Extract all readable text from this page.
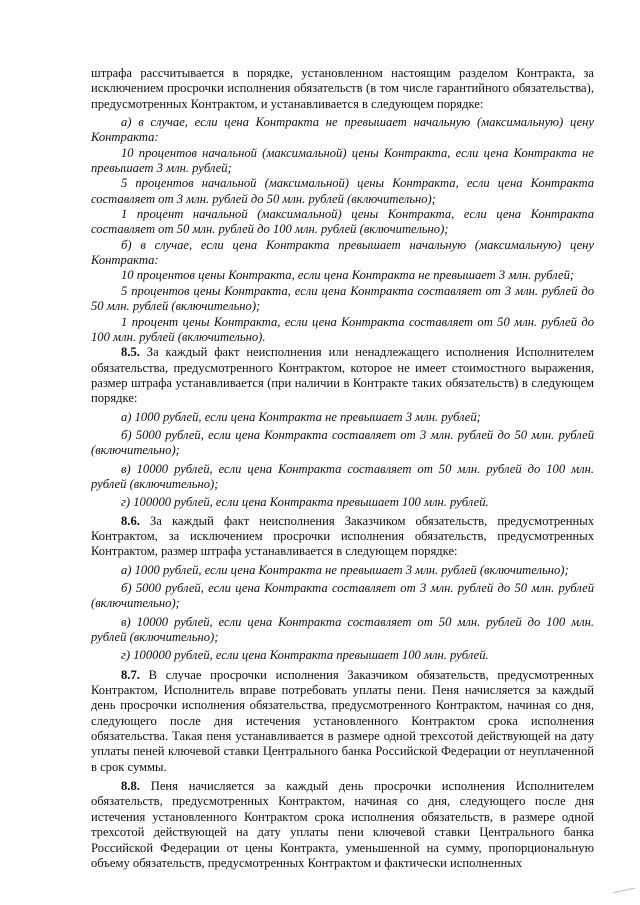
штрафа рассчитывается в порядке, установленном настоящим разделом Контракта, за исключением просрочки исполнения обязательств (в том числе гарантийного обязательства), предусмотренных Контрактом, и устанавливается в следующем порядке:

а) в случае, если цена Контракта не превышает начальную (максимальную) цену Контракта:

10 процентов начальной (максимальной) цены Контракта, если цена Контракта не превышает 3 млн. рублей;

5 процентов начальной (максимальной) цены Контракта, если цена Контракта составляет от 3 млн. рублей до 50 млн. рублей (включительно);

1 процент начальной (максимальной) цены Контракта, если цена Контракта составляет от 50 млн. рублей до 100 млн. рублей (включительно);

б) в случае, если цена Контракта превышает начальную (максимальную) цену Контракта:

10 процентов цены Контракта, если цена Контракта не превышает 3 млн. рублей;

5 процентов цены Контракта, если цена Контракта составляет от 3 млн. рублей до 50 млн. рублей (включительно);

1 процент цены Контракта, если цена Контракта составляет от 50 млн. рублей до 100 млн. рублей (включительно).

8.5. За каждый факт неисполнения или ненадлежащего исполнения Исполнителем обязательства, предусмотренного Контрактом, которое не имеет стоимостного выражения, размер штрафа устанавливается (при наличии в Контракте таких обязательств) в следующем порядке:

а) 1000 рублей, если цена Контракта не превышает 3 млн. рублей;

б) 5000 рублей, если цена Контракта составляет от 3 млн. рублей до 50 млн. рублей (включительно);

в) 10000 рублей, если цена Контракта составляет от 50 млн. рублей до 100 млн. рублей (включительно);

г) 100000 рублей, если цена Контракта превышает 100 млн. рублей.

8.6. За каждый факт неисполнения Заказчиком обязательств, предусмотренных Контрактом, за исключением просрочки исполнения обязательств, предусмотренных Контрактом, размер штрафа устанавливается в следующем порядке:

а) 1000 рублей, если цена Контракта не превышает 3 млн. рублей (включительно);

б) 5000 рублей, если цена Контракта составляет от 3 млн. рублей до 50 млн. рублей (включительно);

в) 10000 рублей, если цена Контракта составляет от 50 млн. рублей до 100 млн. рублей (включительно);

г) 100000 рублей, если цена Контракта превышает 100 млн. рублей.

8.7. В случае просрочки исполнения Заказчиком обязательств, предусмотренных Контрактом, Исполнитель вправе потребовать уплаты пени. Пеня начисляется за каждый день просрочки исполнения обязательства, предусмотренного Контрактом, начиная со дня, следующего после дня истечения установленного Контрактом срока исполнения обязательства. Такая пеня устанавливается в размере одной трехсотой действующей на дату уплаты пеней ключевой ставки Центрального банка Российской Федерации от неуплаченной в срок суммы.

8.8. Пеня начисляется за каждый день просрочки исполнения Исполнителем обязательств, предусмотренных Контрактом, начиная со дня, следующего после дня истечения установленного Контрактом срока исполнения обязательств, в размере одной трехсотой действующей на дату уплаты пени ключевой ставки Центрального банка Российской Федерации от цены Контракта, уменьшенной на сумму, пропорциональную объему обязательств, предусмотренных Контрактом и фактически исполненных
